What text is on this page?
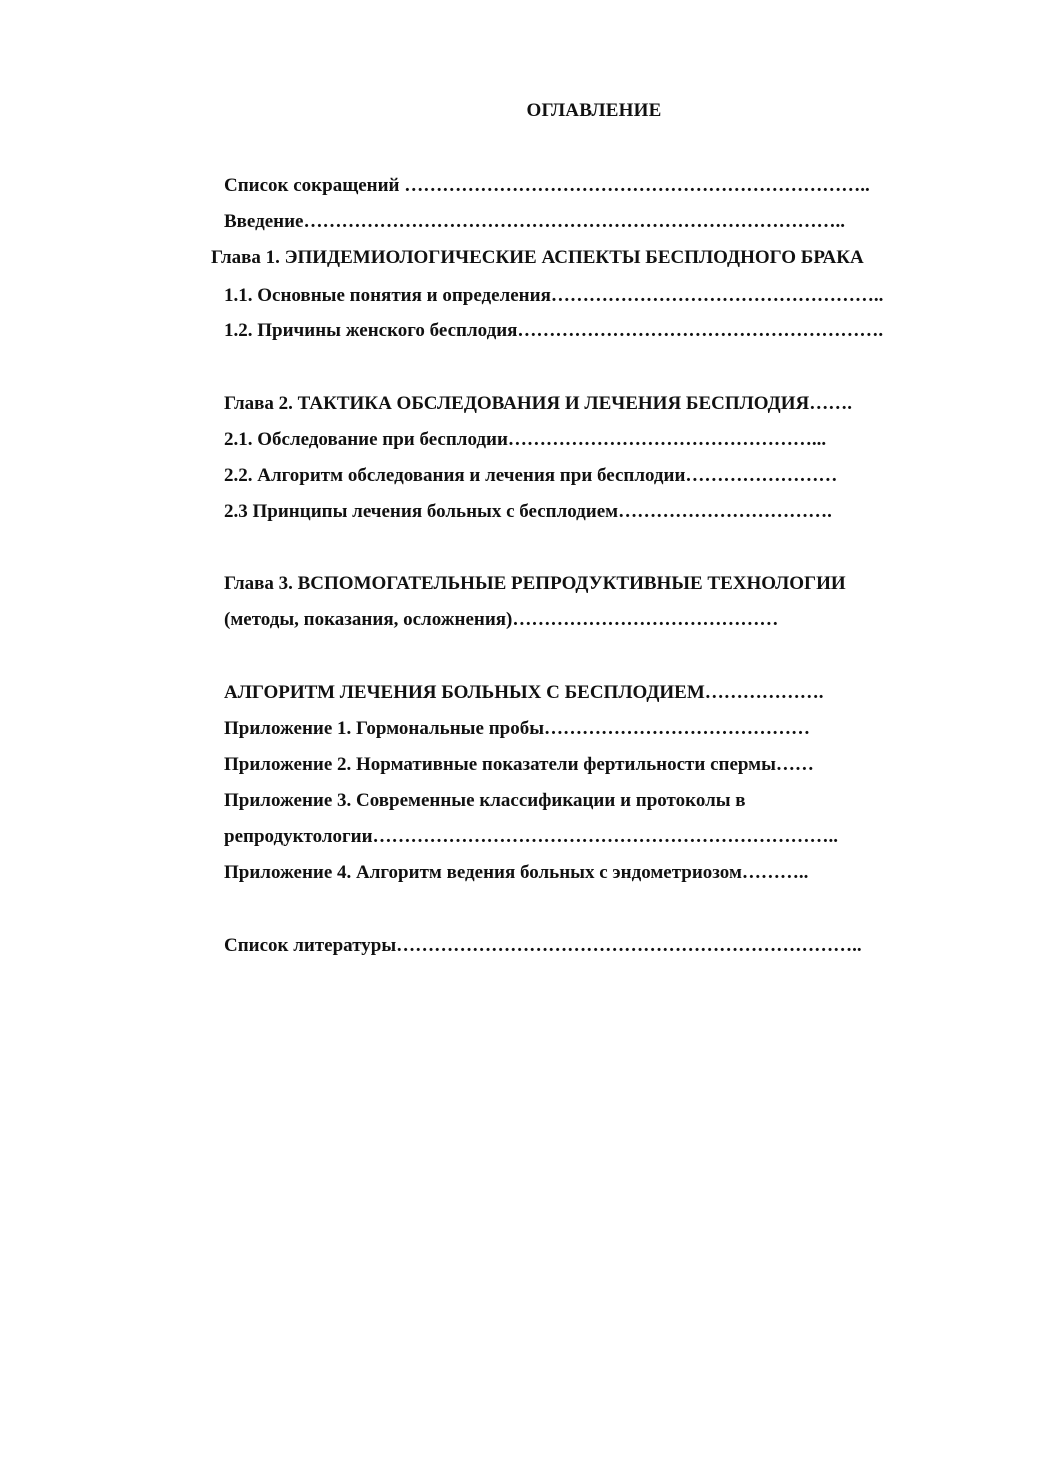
ОГЛАВЛЕНИЕ
Список сокращений ………………………………………………………………..
Введение…………………………………………………………………………..
Глава 1. ЭПИДЕМИОЛОГИЧЕСКИЕ АСПЕКТЫ БЕСПЛОДНОГО БРАКА
1.1. Основные понятия и определения……………………………………………..
1.2. Причины женского бесплодия………………………………………………….
Глава 2. ТАКТИКА ОБСЛЕДОВАНИЯ И ЛЕЧЕНИЯ БЕСПЛОДИЯ…….
2.1. Обследование при бесплодии…………………………………………...
2.2. Алгоритм обследования и лечения при бесплодии……………………
2.3 Принципы лечения больных с бесплодием…………………………….
Глава 3. ВСПОМОГАТЕЛЬНЫЕ РЕПРОДУКТИВНЫЕ ТЕХНОЛОГИИ
(методы, показания, осложнения)……………………………………
АЛГОРИТМ ЛЕЧЕНИЯ БОЛЬНЫХ С БЕСПЛОДИЕМ……………….
Приложение 1. Гормональные пробы……………………………………
Приложение 2. Нормативные показатели фертильности спермы……
Приложение 3. Современные классификации и протоколы в
репродуктологии………………………………………………………………..
Приложение 4. Алгоритм ведения больных с эндометриозом………..
Список литературы………………………………………………………………..
